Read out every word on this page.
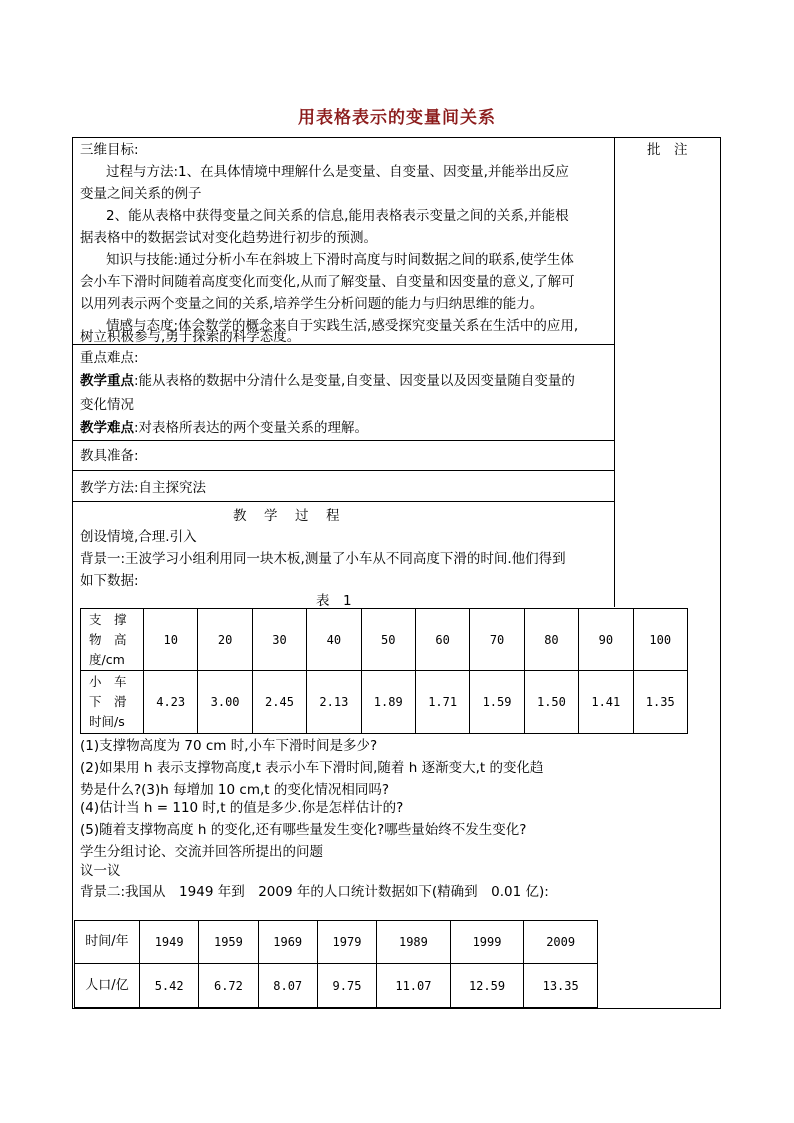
用表格表示的变量间关系
批　注
三维目标:
过程与方法:1、在具体情境中理解什么是变量、自变量、因变量,并能举出反应
变量之间关系的例子
2、能从表格中获得变量之间关系的信息,能用表格表示变量之间的关系,并能根
据表格中的数据尝试对变化趋势进行初步的预测。
知识与技能:通过分析小车在斜坡上下滑时高度与时间数据之间的联系,使学生体
会小车下滑时间随着高度变化而变化,从而了解变量、自变量和因变量的意义,了解可
以用列表示两个变量之间的关系,培养学生分析问题的能力与归纳思维的能力。
情感与态度:体会数学的概念来自于实践生活,感受探究变量关系在生活中的应用,
树立积极参与,勇于探索的科学态度。
重点难点:
教学重点:能从表格的数据中分清什么是变量,自变量、因变量以及因变量随自变量的
变化情况
教学难点:对表格所表达的两个变量关系的理解。
教具准备:
教学方法:自主探究法
教　学　过　程
创设情境,合理.引入
背景一:王波学习小组利用同一块木板,测量了小车从不同高度下滑的时间.他们得到
如下数据:
表　1
支　撑
物　高
度/cm	10	20	30	40	50	60	70	80	90	100

小　车
下　滑
时间/s	4.23	3.00	2.45	2.13	1.89	1.71	1.59	1.50	1.41	1.35
(1)支撑物高度为 70 cm 时,小车下滑时间是多少?
(2)如果用 h 表示支撑物高度,t 表示小车下滑时间,随着 h 逐渐变大,t 的变化趋
势是什么?(3)h 每增加 10 cm,t 的变化情况相同吗?
(4)估计当 h = 110 时,t 的值是多少.你是怎样估计的?
(5)随着支撑物高度 h 的变化,还有哪些量发生变化?哪些量始终不发生变化?
学生分组讨论、交流并回答所提出的问题
议一议
背景二:我国从　1949 年到　2009 年的人口统计数据如下(精确到　0.01 亿):
时间/年	1949	1959	1969	1979	1989	1999	2009
人口/亿	5.42	6.72	8.07	9.75	11.07	12.59	13.35
